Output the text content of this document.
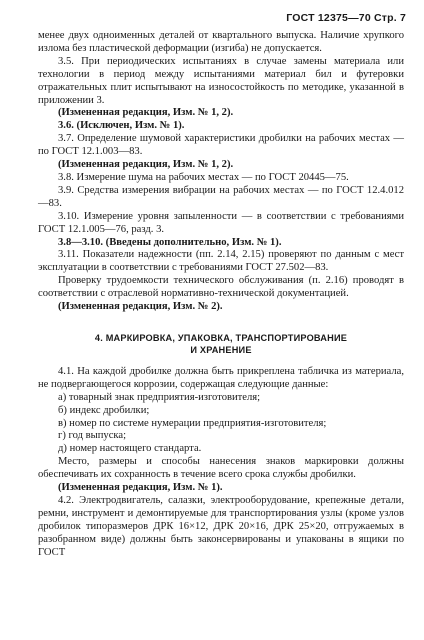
ГОСТ 12375—70 Стр. 7

менее двух одноименных деталей от квартального выпуска. Наличие хрупкого излома без пластической деформации (изгиба) не допускается.

3.5. При периодических испытаниях в случае замены материала или технологии в период между испытаниями материал бил и футеровки отражательных плит испытывают на износостойкость по методике, указанной в приложении 3.

(Измененная редакция, Изм. № 1, 2).

3.6. (Исключен, Изм. № 1).

3.7. Определение шумовой характеристики дробилки на рабочих местах — по ГОСТ 12.1.003—83.

(Измененная редакция, Изм. № 1, 2).

3.8. Измерение шума на рабочих местах — по ГОСТ 20445—75.

3.9. Средства измерения вибрации на рабочих местах — по ГОСТ 12.4.012—83.

3.10. Измерение уровня запыленности — в соответствии с требованиями ГОСТ 12.1.005—76, разд. 3.

3.8—3.10. (Введены дополнительно, Изм. № 1).

3.11. Показатели надежности (пп. 2.14, 2.15) проверяют по данным с мест эксплуатации в соответствии с требованиями ГОСТ 27.502—83.

Проверку трудоемкости технического обслуживания (п. 2.16) проводят в соответствии с отраслевой нормативно-технической документацией.

(Измененная редакция, Изм. № 2).

4. МАРКИРОВКА, УПАКОВКА, ТРАНСПОРТИРОВАНИЕ
И ХРАНЕНИЕ

4.1. На каждой дробилке должна быть прикреплена табличка из материала, не подвергающегося коррозии, содержащая следующие данные:

а) товарный знак предприятия-изготовителя;

б) индекс дробилки;

в) номер по системе нумерации предприятия-изготовителя;

г) год выпуска;

д) номер настоящего стандарта.

Место, размеры и способы нанесения знаков маркировки должны обеспечивать их сохранность в течение всего срока службы дробилки.

(Измененная редакция, Изм. № 1).

4.2. Электродвигатель, салазки, электрооборудование, крепежные детали, ремни, инструмент и демонтируемые для транспортирования узлы (кроме узлов дробилок типоразмеров ДРК 16×12, ДРК 20×16, ДРК 25×20, отгружаемых в разобранном виде) должны быть законсервированы и упакованы в ящики по ГОСТ
